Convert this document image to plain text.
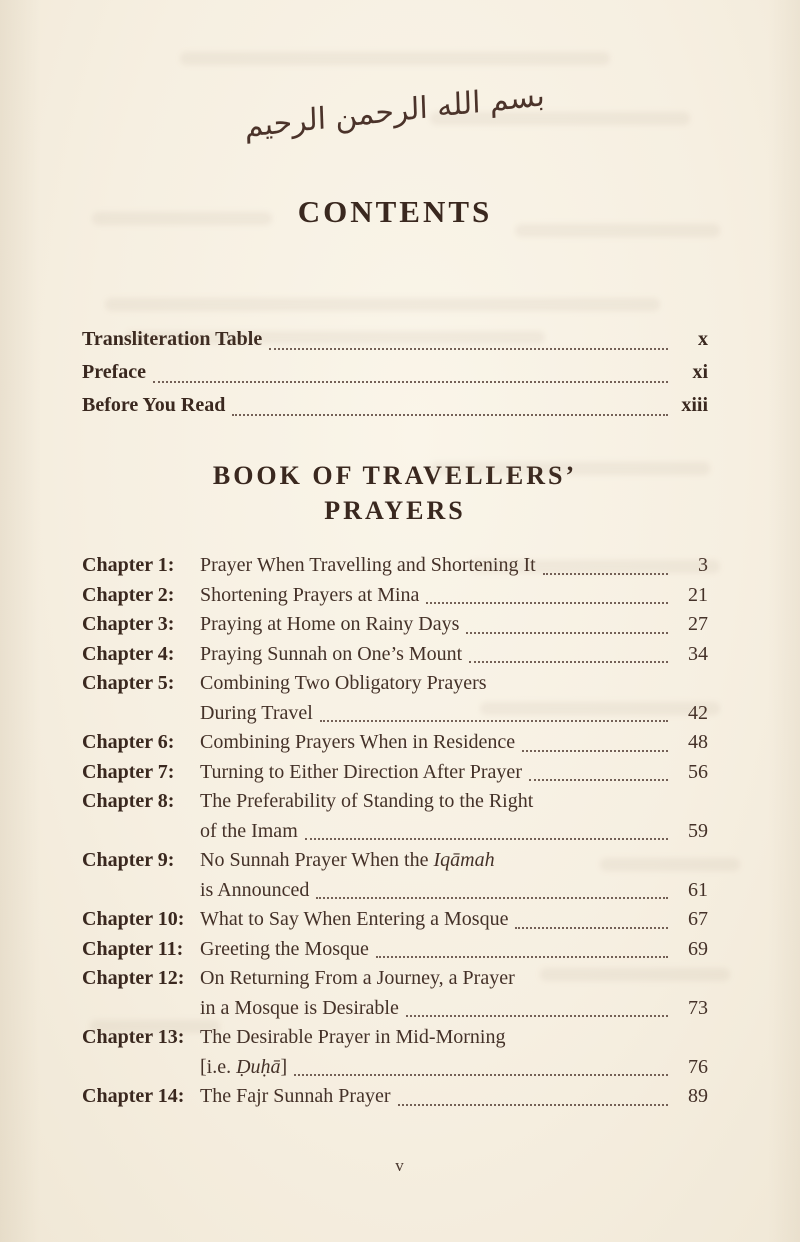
بسم الله الرحمن الرحيم
CONTENTS
Transliteration Table	x
Preface	xi
Before You Read	xiii
BOOK OF TRAVELLERS’
PRAYERS
Chapter 1:	Prayer When Travelling and Shortening It	3
Chapter 2:	Shortening Prayers at Mina	21
Chapter 3:	Praying at Home on Rainy Days	27
Chapter 4:	Praying Sunnah on One’s Mount	34
Chapter 5:	Combining Two Obligatory Prayers
During Travel	42
Chapter 6:	Combining Prayers When in Residence	48
Chapter 7:	Turning to Either Direction After Prayer	56
Chapter 8:	The Preferability of Standing to the Right
of the Imam	59
Chapter 9:	No Sunnah Prayer When the Iqāmah
is Announced	61
Chapter 10: What to Say When Entering a Mosque	67
Chapter 11: Greeting the Mosque	69
Chapter 12: On Returning From a Journey, a Prayer
in a Mosque is Desirable	73
Chapter 13: The Desirable Prayer in Mid-Morning
[i.e. Ḍuḥā]	76
Chapter 14: The Fajr Sunnah Prayer	89
v
